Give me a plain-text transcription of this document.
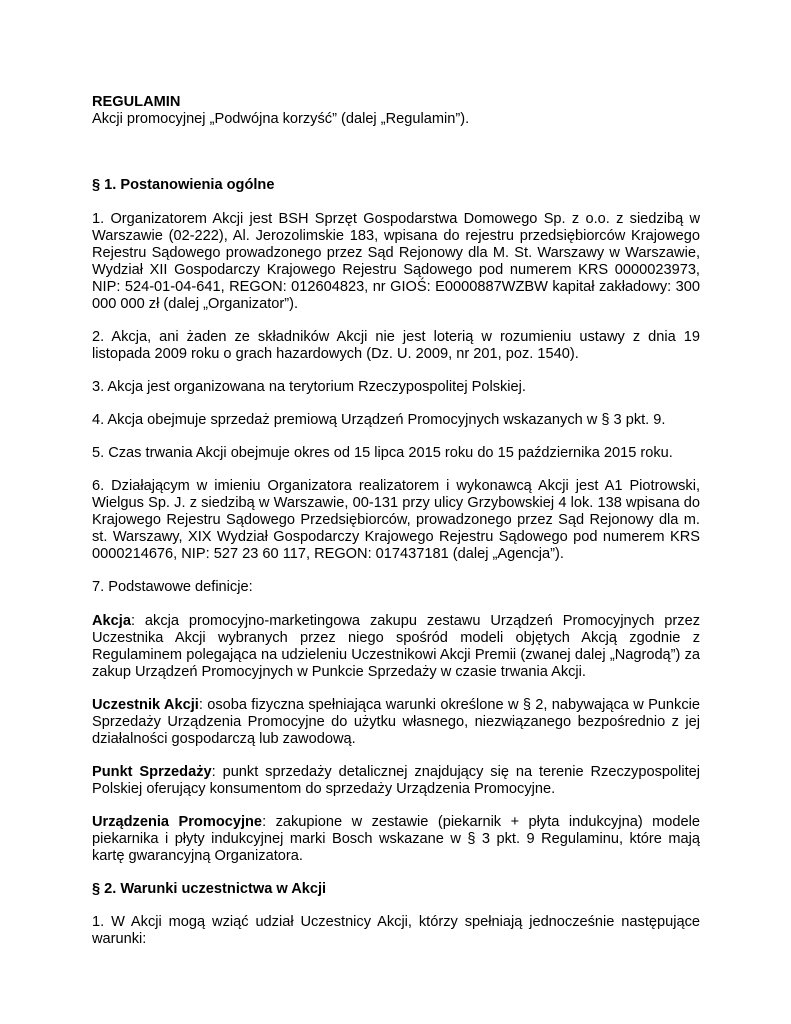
REGULAMIN
Akcji promocyjnej „Podwójna korzyść” (dalej „Regulamin”).
§ 1. Postanowienia ogólne

1. Organizatorem Akcji jest BSH Sprzęt Gospodarstwa Domowego Sp. z o.o. z siedzibą w Warszawie (02-222), Al. Jerozolimskie 183, wpisana do rejestru przedsiębiorców Krajowego Rejestru Sądowego prowadzonego przez Sąd Rejonowy dla M. St. Warszawy w Warszawie, Wydział XII Gospodarczy Krajowego Rejestru Sądowego pod numerem KRS 0000023973, NIP: 524-01-04-641, REGON: 012604823, nr GIOŚ: E0000887WZBW kapitał zakładowy: 300 000 000 zł (dalej „Organizator”).

2. Akcja, ani żaden ze składników Akcji nie jest loterią w rozumieniu ustawy z dnia 19 listopada 2009 roku o grach hazardowych (Dz. U. 2009, nr 201, poz. 1540).

3. Akcja jest organizowana na terytorium Rzeczypospolitej Polskiej.

4. Akcja obejmuje sprzedaż premiową Urządzeń Promocyjnych wskazanych w § 3 pkt. 9.

5. Czas trwania Akcji obejmuje okres od 15 lipca 2015 roku do 15 października 2015 roku.

6. Działającym w imieniu Organizatora realizatorem i wykonawcą Akcji jest A1 Piotrowski, Wielgus Sp. J. z siedzibą w Warszawie, 00-131 przy ulicy Grzybowskiej 4 lok. 138 wpisana do Krajowego Rejestru Sądowego Przedsiębiorców, prowadzonego przez Sąd Rejonowy dla m. st. Warszawy, XIX Wydział Gospodarczy Krajowego Rejestru Sądowego pod numerem KRS 0000214676, NIP: 527 23 60 117, REGON: 017437181 (dalej „Agencja”).

7. Podstawowe definicje:

Akcja: akcja promocyjno-marketingowa zakupu zestawu Urządzeń Promocyjnych przez Uczestnika Akcji wybranych przez niego spośród modeli objętych Akcją zgodnie z Regulaminem polegająca na udzieleniu Uczestnikowi Akcji Premii (zwanej dalej „Nagrodą”) za zakup Urządzeń Promocyjnych w Punkcie Sprzedaży w czasie trwania Akcji.

Uczestnik Akcji: osoba fizyczna spełniająca warunki określone w § 2, nabywająca w Punkcie Sprzedaży Urządzenia Promocyjne do użytku własnego, niezwiązanego bezpośrednio z jej działalności gospodarczą lub zawodową.

Punkt Sprzedaży: punkt sprzedaży detalicznej znajdujący się na terenie Rzeczypospolitej Polskiej oferujący konsumentom do sprzedaży Urządzenia Promocyjne.

Urządzenia Promocyjne: zakupione w zestawie (piekarnik + płyta indukcyjna) modele piekarnika i płyty indukcyjnej marki Bosch wskazane w § 3 pkt. 9 Regulaminu, które mają kartę gwarancyjną Organizatora.

§ 2. Warunki uczestnictwa w Akcji

1. W Akcji mogą wziąć udział Uczestnicy Akcji, którzy spełniają jednocześnie następujące warunki:
